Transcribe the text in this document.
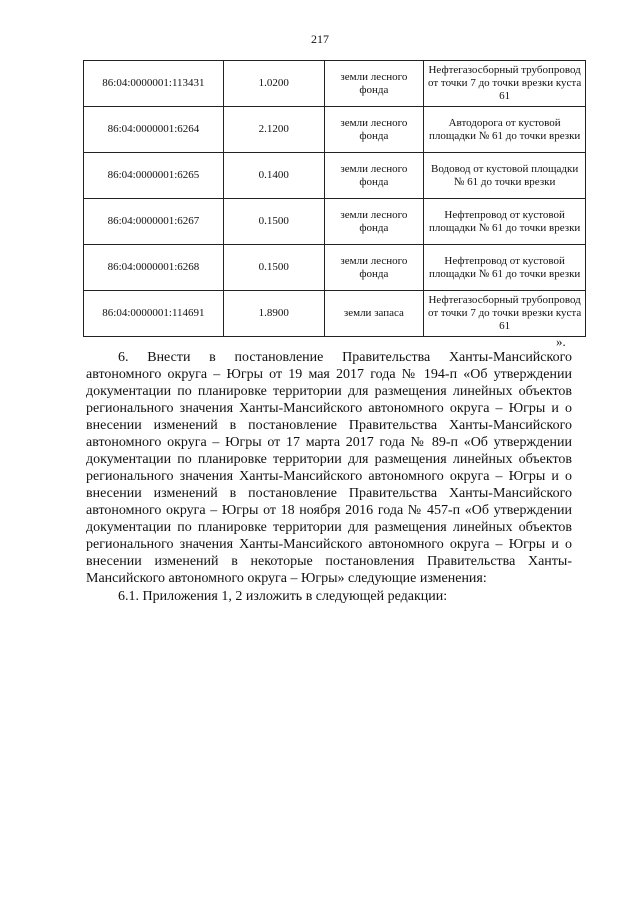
217
86:04:0000001:113431	1.0200	земли лесного фонда	Нефтегазосборный трубопровод от точки 7 до точки врезки куста 61
86:04:0000001:6264	2.1200	земли лесного фонда	Автодорога от кустовой площадки № 61 до точки врезки
86:04:0000001:6265	0.1400	земли лесного фонда	Водовод от кустовой площадки № 61 до точки врезки
86:04:0000001:6267	0.1500	земли лесного фонда	Нефтепровод от кустовой площадки № 61 до точки врезки
86:04:0000001:6268	0.1500	земли лесного фонда	Нефтепровод от кустовой площадки № 61 до точки врезки
86:04:0000001:114691	1.8900	земли запаса	Нефтегазосборный трубопровод от точки 7 до точки врезки куста 61
».

6. Внести в постановление Правительства Ханты-Мансийского автономного округа – Югры от 19 мая 2017 года № 194-п «Об утверждении документации по планировке территории для размещения линейных объектов регионального значения Ханты-Мансийского автономного округа – Югры и о внесении изменений в постановление Правительства Ханты-Мансийского автономного округа – Югры от 17 марта 2017 года № 89-п «Об утверждении документации по планировке территории для размещения линейных объектов регионального значения Ханты-Мансийского автономного округа – Югры и о внесении изменений в постановление Правительства Ханты-Мансийского автономного округа – Югры от 18 ноября 2016 года № 457-п «Об утверждении документации по планировке территории для размещения линейных объектов регионального значения Ханты-Мансийского автономного округа – Югры и о внесении изменений в некоторые постановления Правительства Ханты-Мансийского автономного округа – Югры» следующие изменения:

6.1. Приложения 1, 2 изложить в следующей редакции:
